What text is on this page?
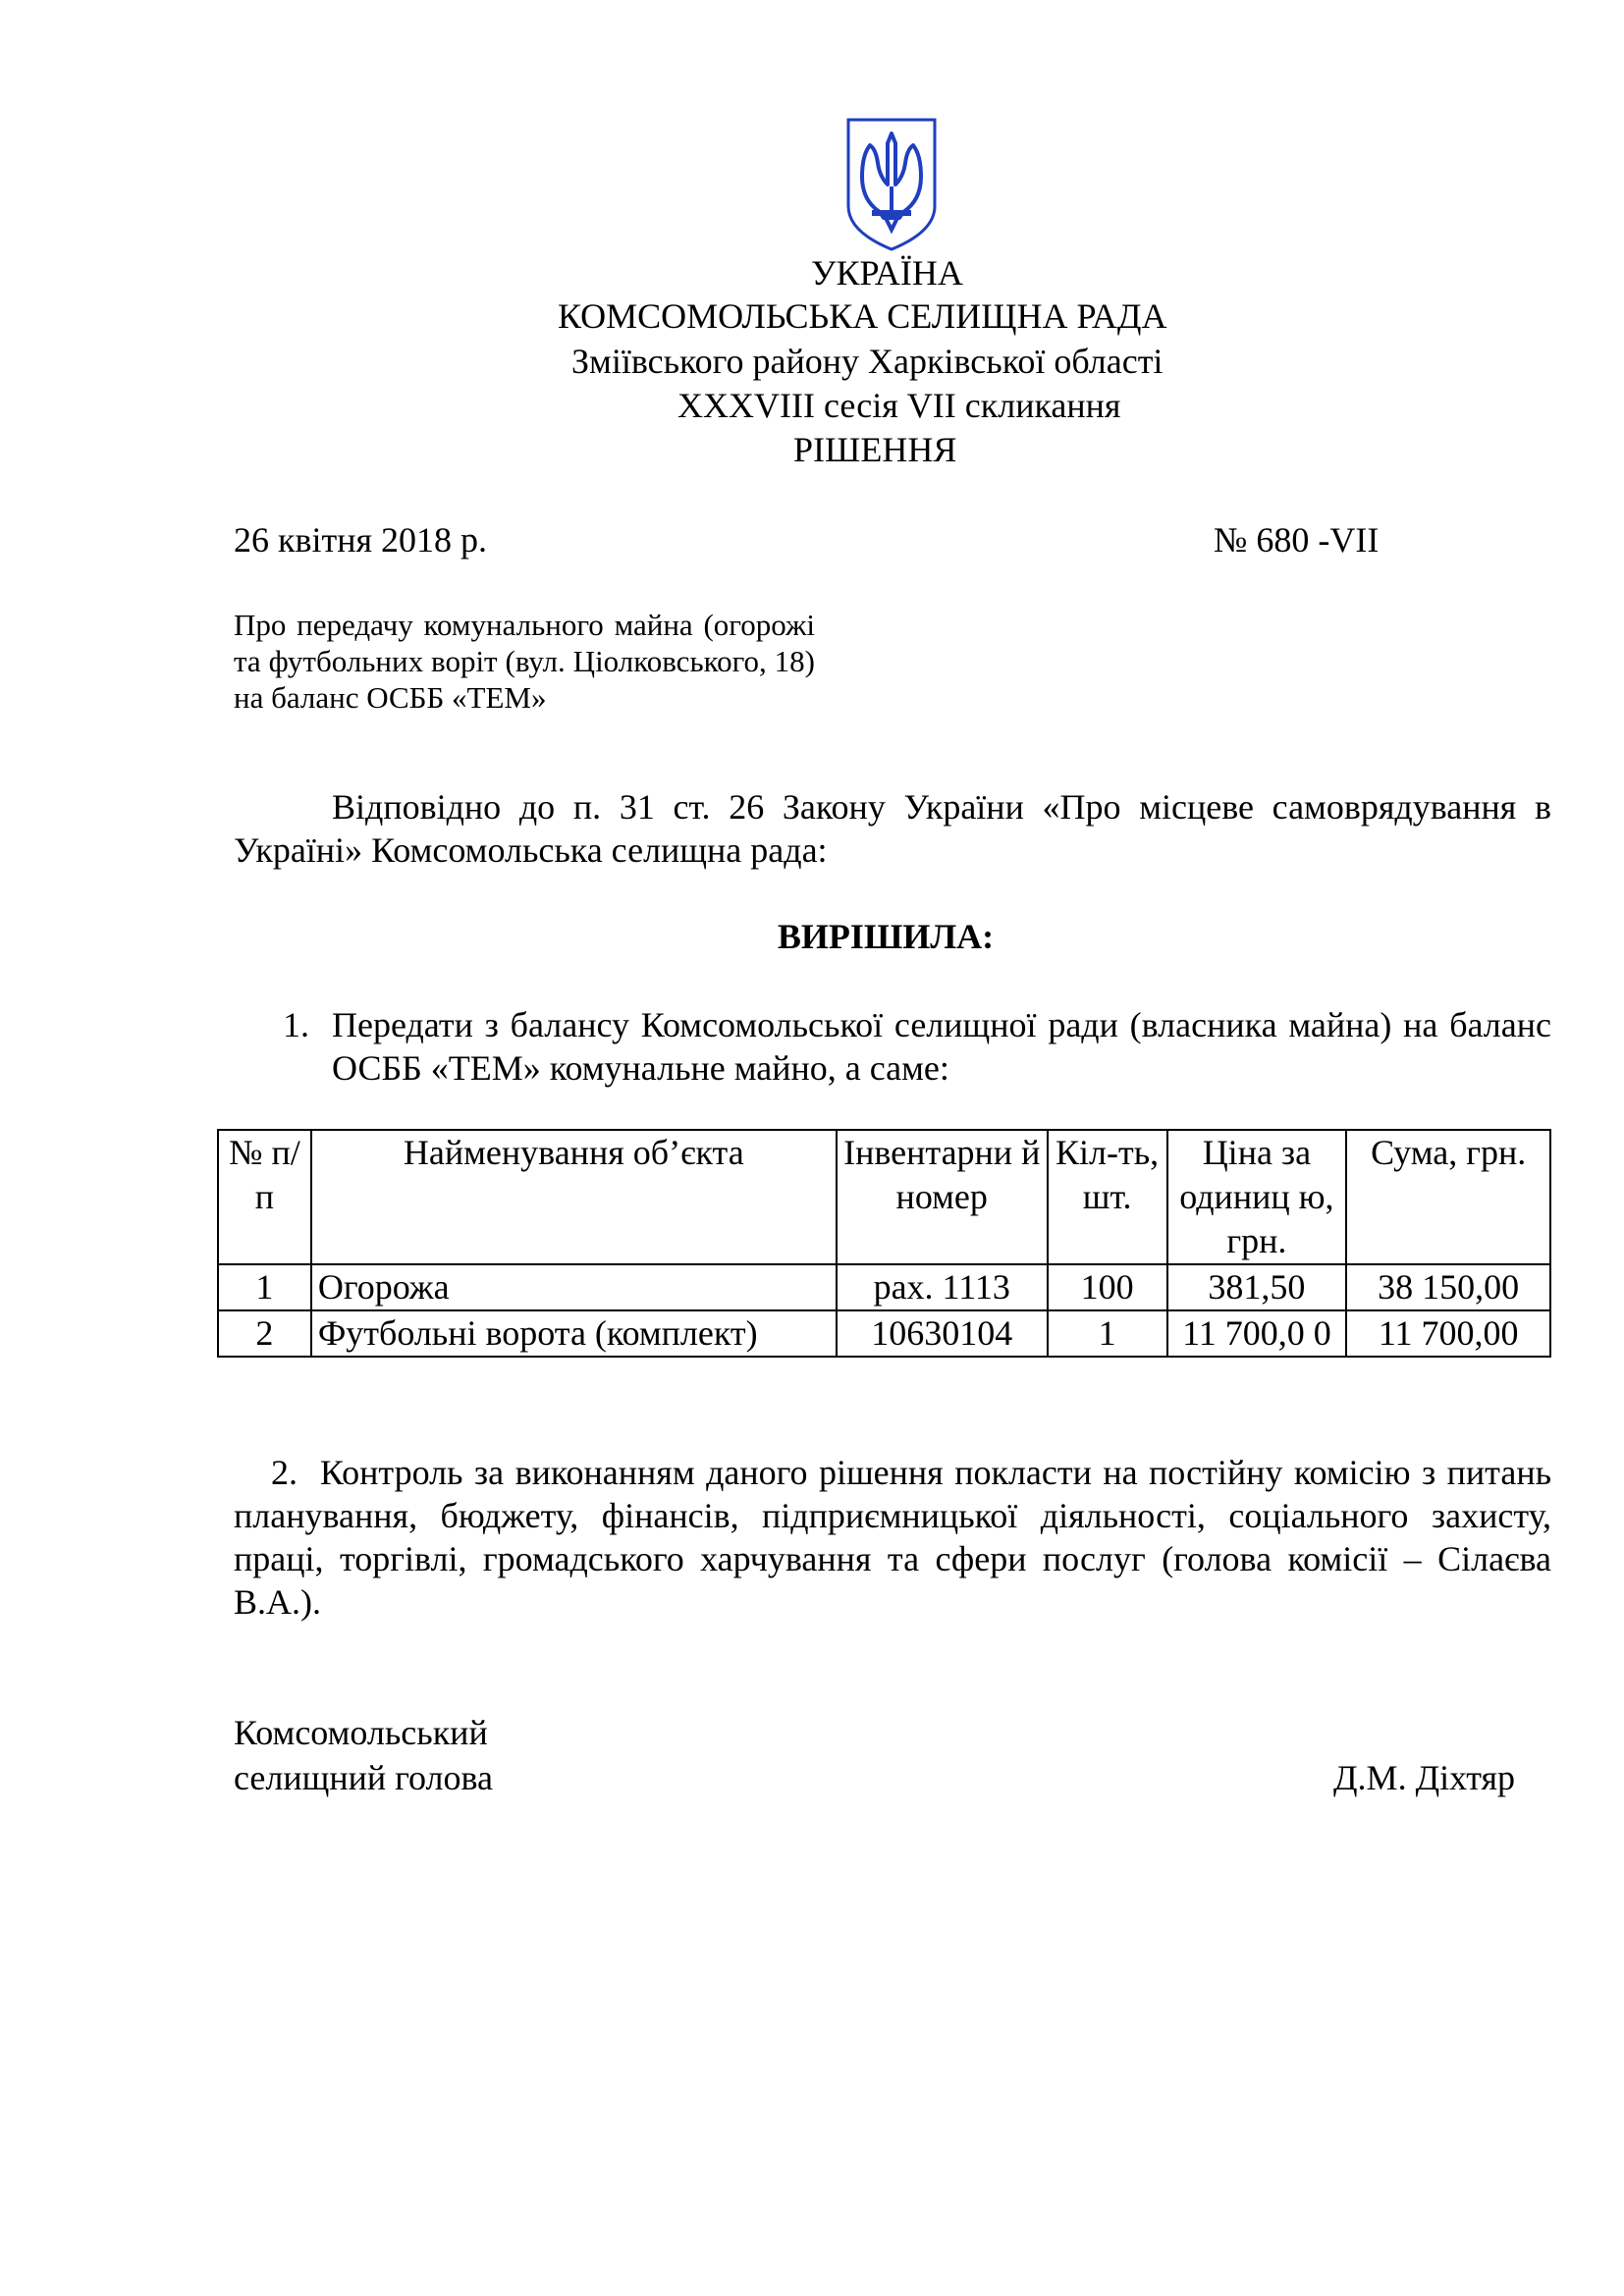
УКРАЇНА
КОМСОМОЛЬСЬКА СЕЛИЩНА РАДА
Зміївського району Харківської області
XXXVIII сесія VII скликання
РІШЕННЯ
26 квітня 2018 р.	№ 680 -VII
Про передачу комунального майна (огорожі та футбольних воріт (вул. Ціолковського, 18) на баланс ОСББ «ТЕМ»
Відповідно до п. 31 ст. 26 Закону України «Про місцеве самоврядування в Україні» Комсомольська селищна рада:
ВИРІШИЛА:
1. Передати з балансу Комсомольської селищної ради (власника майна) на баланс ОСББ «ТЕМ» комунальне майно, а саме:
№ п/п	Найменування об’єкта	Інвентарни й номер	Кіл-ть, шт.	Ціна за одиниц ю, грн.	Сума, грн.
1	Огорожа	рах. 1113	100	381,50	38 150,00
2	Футбольні ворота (комплект)	10630104	1	11 700,0 0	11 700,00
2. Контроль за виконанням даного рішення покласти на постійну комісію з питань планування, бюджету, фінансів, підприємницької діяльності, соціального захисту, праці, торгівлі, громадського харчування та сфери послуг (голова комісії – Сілаєва В.А.).
Комсомольський
селищний голова	Д.М. Діхтяр
